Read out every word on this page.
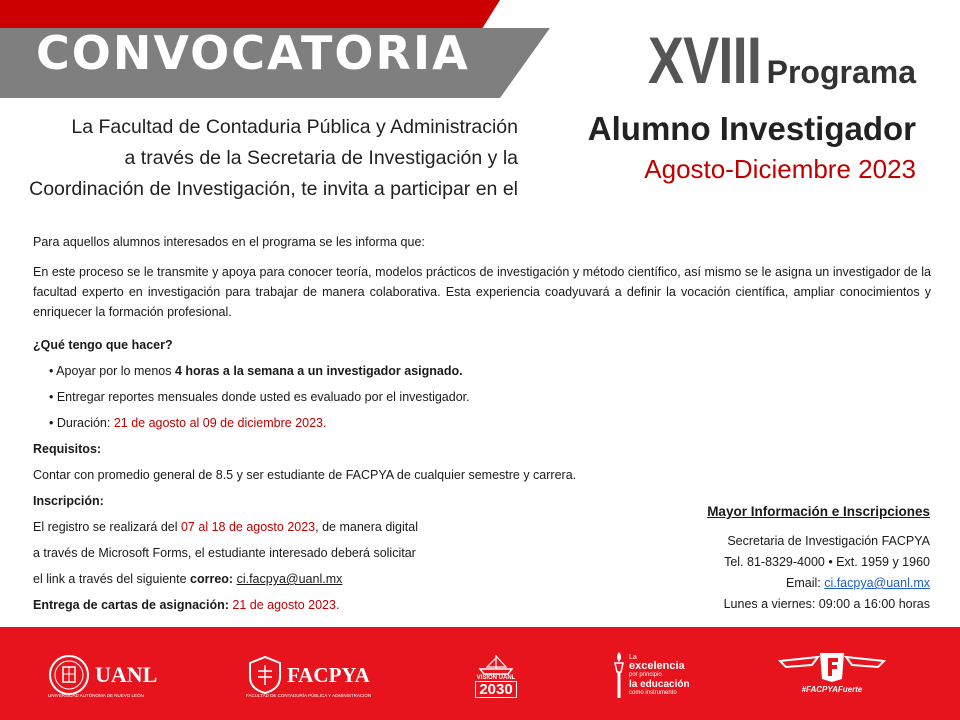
CONVOCATORIA
La Facultad de Contaduria Pública y Administración
a través de la Secretaria de Investigación y la
Coordinación de Investigación, te invita a participar en el
XVIII Programa
Alumno Investigador
Agosto-Diciembre 2023
Para aquellos alumnos interesados en el programa se les informa que:
En este proceso se le transmite y apoya para conocer teoría, modelos prácticos de investigación y método científico, así mismo se le asigna un investigador de la facultad experto en investigación para trabajar de manera colaborativa. Esta experiencia coadyuvará a definir la vocación científica, ampliar conocimientos y enriquecer la formación profesional.
¿Qué tengo que hacer?
• Apoyar por lo menos 4 horas a la semana a un investigador asignado.
• Entregar reportes mensuales donde usted es evaluado por el investigador.
• Duración: 21 de agosto al 09 de diciembre 2023.
Requisitos:
Contar con promedio general de 8.5 y ser estudiante de FACPYA de cualquier semestre y carrera.
Inscripción:
El registro se realizará del 07 al 18 de agosto 2023, de manera digital
a través de Microsoft Forms, el estudiante interesado deberá solicitar
el link a través del siguiente correo: ci.facpya@uanl.mx
Entrega de cartas de asignación: 21 de agosto 2023.
Mayor Información e Inscripciones
Secretaria de Investigación FACPYA
Tel. 81-8329-4000 • Ext. 1959 y 1960
Email: ci.facpya@uanl.mx
Lunes a viernes: 09:00 a 16:00 horas
UANL
UNIVERSIDAD AUTÓNOMA DE NUEVO LEÓN
FACPYA
FACULTAD DE CONTADURÍA PÚBLICA Y ADMINISTRACIÓN
VISIÓN UANL
2030
La
excelencia
por principio
la educación
como instrumento	#FACPYAFuerte
